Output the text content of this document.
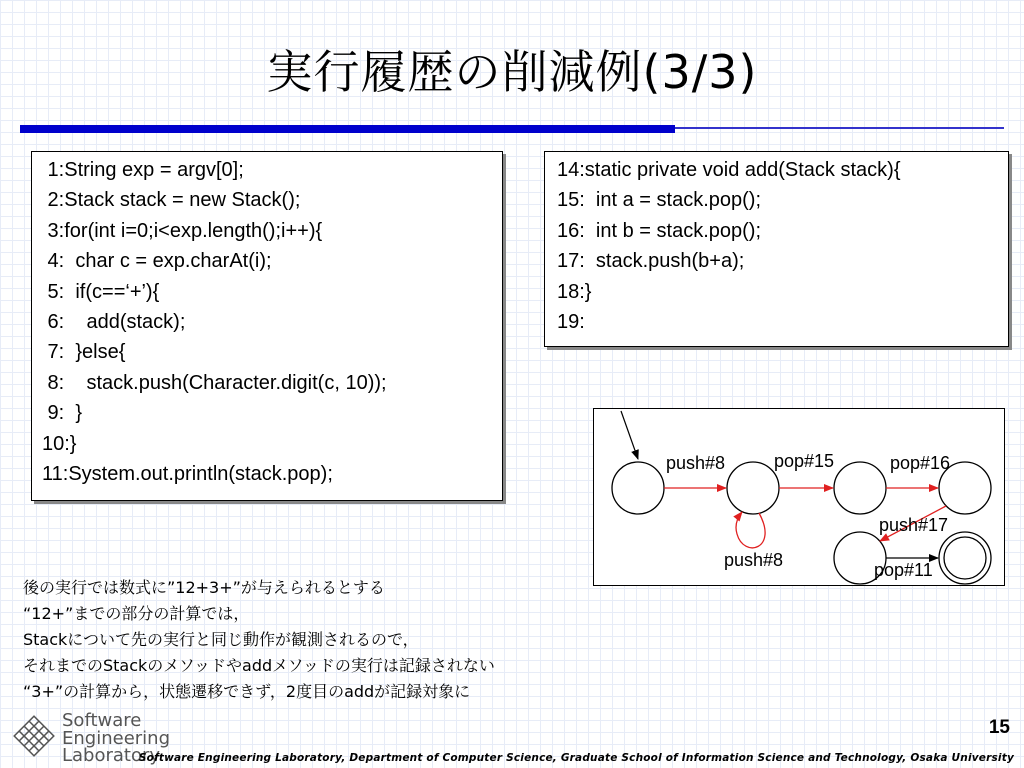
実行履歴の削減例(3/3)
1:String exp = argv[0];
2:Stack stack = new Stack();
3:for(int i=0;i<exp.length();i++){
4:  char c = exp.charAt(i);
5:  if(c==‘+’){
6:    add(stack);
7:  }else{
8:    stack.push(Character.digit(c, 10));
9:  }
10:}
11:System.out.println(stack.pop);
14:static private void add(Stack stack){
15:  int a = stack.pop();
16:  int b = stack.pop();
17:  stack.push(b+a);
18:}
19:
push#8	pop#15	pop#16
push#17
push#8	pop#11
後の実行では数式に”12+3+”が与えられるとする
“12+”までの部分の計算では，
Stackについて先の実行と同じ動作が観測されるので，
それまでのStackのメソッドやaddメソッドの実行は記録されない
“3+”の計算から，状態遷移できず，2度目のaddが記録対象に
Software
Engineering
Laboratory
15
Software Engineering Laboratory, Department of Computer Science, Graduate School of Information Science and Technology, Osaka University
